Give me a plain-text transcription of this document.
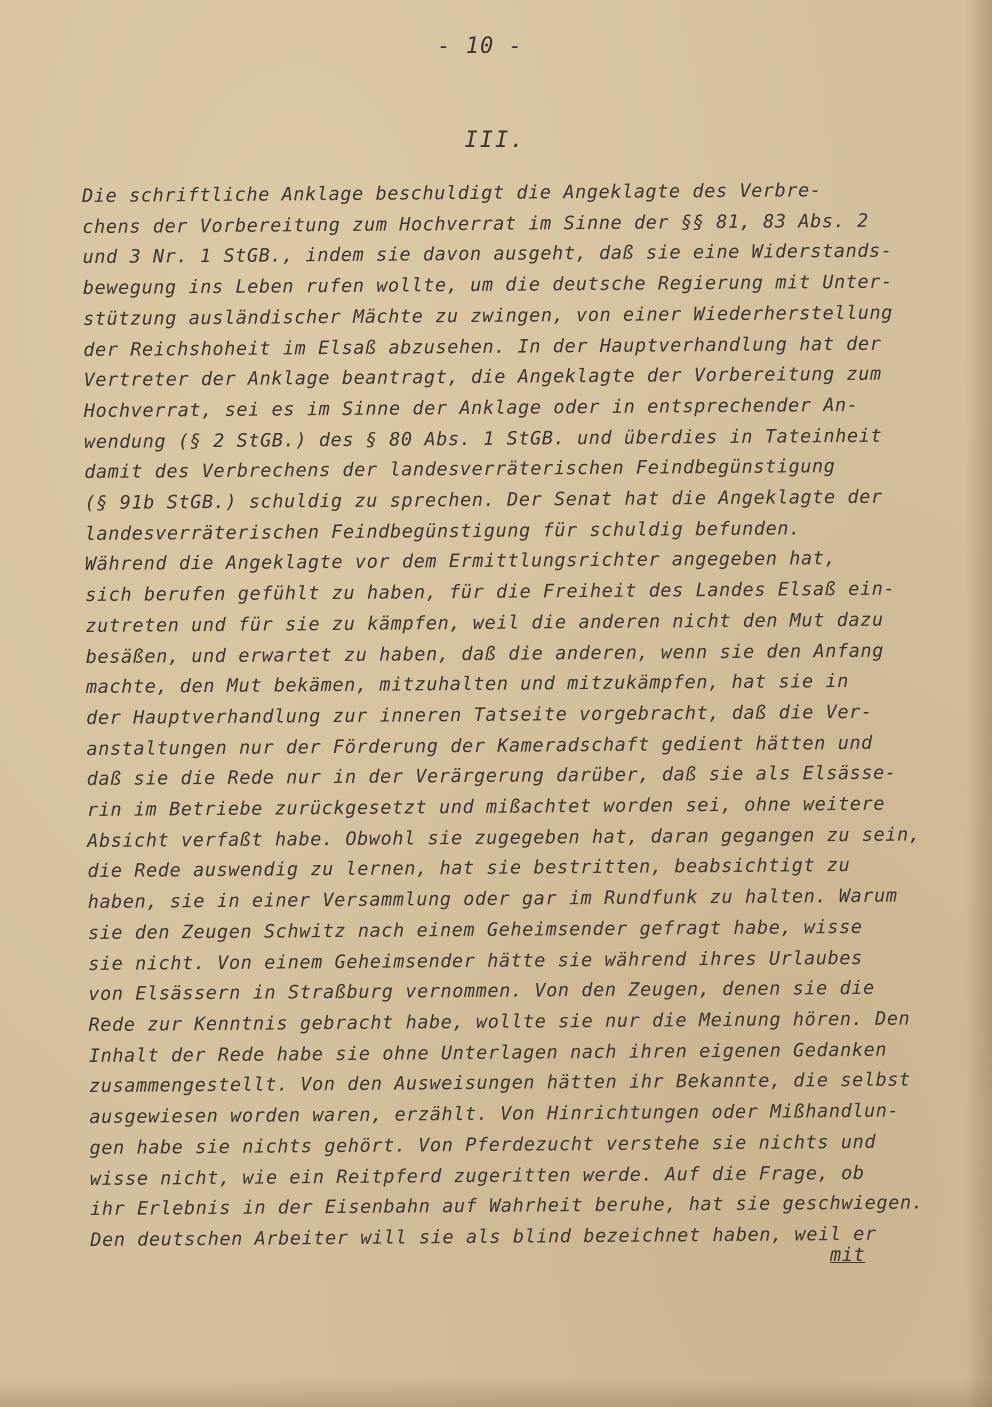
- 10 -
III.
Die schriftliche Anklage beschuldigt die Angeklagte des Verbre-
chens der Vorbereitung zum Hochverrat im Sinne der §§ 81, 83 Abs. 2
und 3 Nr. 1 StGB., indem sie davon ausgeht, daß sie eine Widerstands-
bewegung ins Leben rufen wollte, um die deutsche Regierung mit Unter-
stützung ausländischer Mächte zu zwingen, von einer Wiederherstellung
der Reichshoheit im Elsaß abzusehen. In der Hauptverhandlung hat der
Vertreter der Anklage beantragt, die Angeklagte der Vorbereitung zum
Hochverrat, sei es im Sinne der Anklage oder in entsprechender An-
wendung (§ 2 StGB.) des § 80 Abs. 1 StGB. und überdies in Tateinheit
damit des Verbrechens der landesverräterischen Feindbegünstigung
(§ 91b StGB.) schuldig zu sprechen. Der Senat hat die Angeklagte der
landesverräterischen Feindbegünstigung für schuldig befunden.
Während die Angeklagte vor dem Ermittlungsrichter angegeben hat,
sich berufen gefühlt zu haben, für die Freiheit des Landes Elsaß ein-
zutreten und für sie zu kämpfen, weil die anderen nicht den Mut dazu
besäßen, und erwartet zu haben, daß die anderen, wenn sie den Anfang
machte, den Mut bekämen, mitzuhalten und mitzukämpfen, hat sie in
der Hauptverhandlung zur inneren Tatseite vorgebracht, daß die Ver-
anstaltungen nur der Förderung der Kameradschaft gedient hätten und
daß sie die Rede nur in der Verärgerung darüber, daß sie als Elsässe-
rin im Betriebe zurückgesetzt und mißachtet worden sei, ohne weitere
Absicht verfaßt habe. Obwohl sie zugegeben hat, daran gegangen zu sein,
die Rede auswendig zu lernen, hat sie bestritten, beabsichtigt zu
haben, sie in einer Versammlung oder gar im Rundfunk zu halten. Warum
sie den Zeugen Schwitz nach einem Geheimsender gefragt habe, wisse
sie nicht. Von einem Geheimsender hätte sie während ihres Urlaubes
von Elsässern in Straßburg vernommen. Von den Zeugen, denen sie die
Rede zur Kenntnis gebracht habe, wollte sie nur die Meinung hören. Den
Inhalt der Rede habe sie ohne Unterlagen nach ihren eigenen Gedanken
zusammengestellt. Von den Ausweisungen hätten ihr Bekannte, die selbst
ausgewiesen worden waren, erzählt. Von Hinrichtungen oder Mißhandlun-
gen habe sie nichts gehört. Von Pferdezucht verstehe sie nichts und
wisse nicht, wie ein Reitpferd zugeritten werde. Auf die Frage, ob
ihr Erlebnis in der Eisenbahn auf Wahrheit beruhe, hat sie geschwiegen.
Den deutschen Arbeiter will sie als blind bezeichnet haben, weil er
mit
